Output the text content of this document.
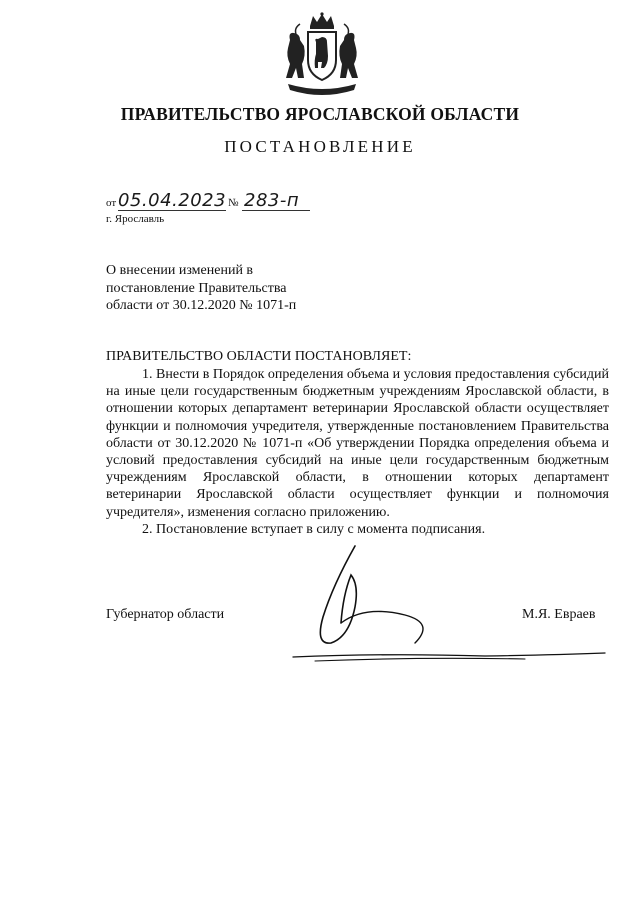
ПРАВИТЕЛЬСТВО ЯРОСЛАВСКОЙ ОБЛАСТИ
ПОСТАНОВЛЕНИЕ
от 05.04.2023 № 283-п
г. Ярославль
О внесении изменений в
постановление Правительства
области от 30.12.2020 № 1071-п
ПРАВИТЕЛЬСТВО ОБЛАСТИ ПОСТАНОВЛЯЕТ:

1. Внести в Порядок определения объема и условия предоставления субсидий на иные цели государственным бюджетным учреждениям Ярославской области, в отношении которых департамент ветеринарии Ярославской области осуществляет функции и полномочия учредителя, утвержденные постановлением Правительства области от 30.12.2020 № 1071-п «Об утверждении Порядка определения объема и условий предоставления субсидий на иные цели государственным бюджетным учреждениям Ярославской области, в отношении которых департамент ветеринарии Ярославской области осуществляет функции и полномочия учредителя», изменения согласно приложению.

2. Постановление вступает в силу с момента подписания.

Губернатор области	М.Я. Евраев
